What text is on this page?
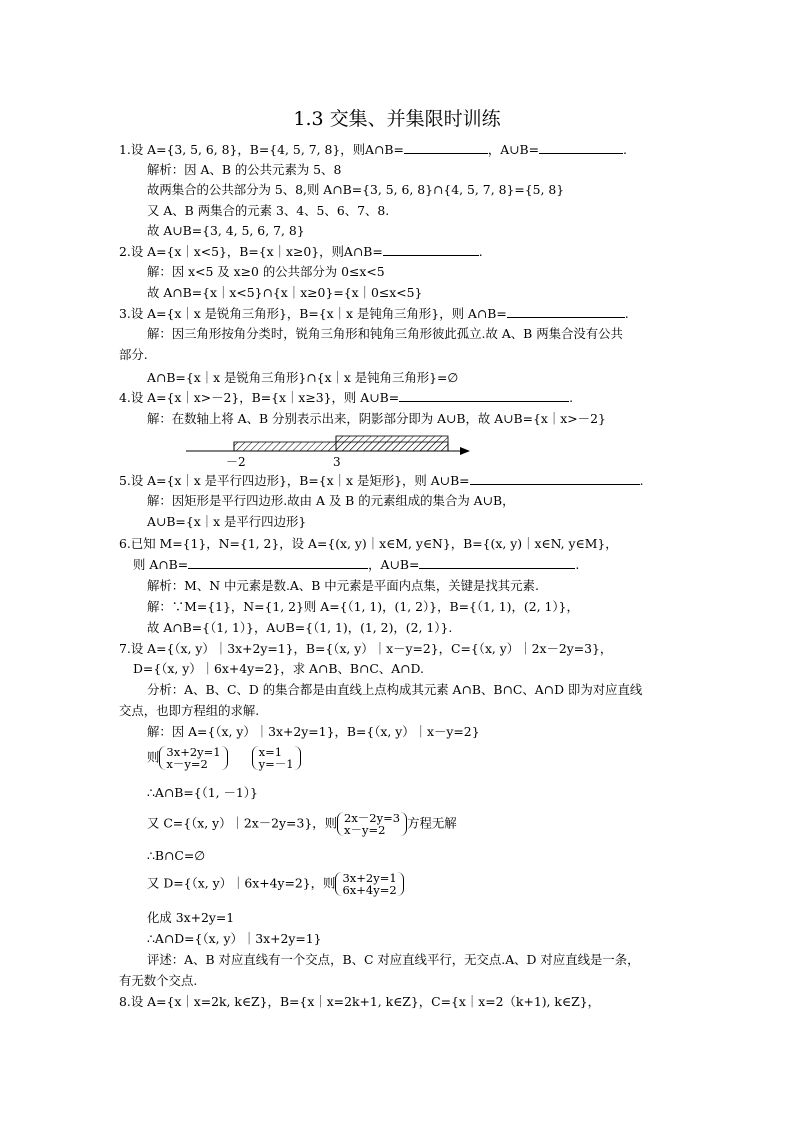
1.3 交集、并集限时训练
1.设 A={3, 5, 6, 8}，B={4, 5, 7, 8}，则A∩B=	，A∪B=	.
解析：因 A、B 的公共元素为 5、8
故两集合的公共部分为 5、8,则 A∩B={3, 5, 6, 8}∩{4, 5, 7, 8}={5, 8}
又 A、B 两集合的元素 3、4、5、6、7、8.
故 A∪B={3, 4, 5, 6, 7, 8}
2.设 A={x｜x<5}，B={x｜x≥0}，则A∩B=	.
解：因 x<5 及 x≥0 的公共部分为 0≤x<5
故 A∩B={x｜x<5}∩{x｜x≥0}={x｜0≤x<5}
3.设 A={x｜x 是锐角三角形}，B={x｜x 是钝角三角形}，则 A∩B=	.
解：因三角形按角分类时，锐角三角形和钝角三角形彼此孤立.故 A、B 两集合没有公共
部分.
A∩B={x｜x 是锐角三角形}∩{x｜x 是钝角三角形}=∅
4.设 A={x｜x>－2}，B={x｜x≥3}，则 A∪B=	.
解：在数轴上将 A、B 分别表示出来，阴影部分即为 A∪B，故 A∪B={x｜x>－2}
－2	3
5.设 A={x｜x 是平行四边形}，B={x｜x 是矩形}，则 A∪B=	.
解：因矩形是平行四边形.故由 A 及 B 的元素组成的集合为 A∪B，
A∪B={x｜x 是平行四边形}
6.已知 M={1}，N={1, 2}，设 A={(x, y)｜x∈M, y∈N}，B={(x, y)｜x∈N, y∈M}，
则 A∩B=	，A∪B=	.
解析：M、N 中元素是数.A、B 中元素是平面内点集，关键是找其元素.
解：∵M={1}，N={1, 2}则 A={（1, 1)，(1, 2）}，B={（1, 1)，(2, 1）}，
故 A∩B={（1, 1）}，A∪B={（1, 1)，(1, 2)，(2, 1）}.
7.设 A={（x, y）｜3x+2y=1}，B={（x, y）｜x－y=2}，C={（x, y）｜2x－2y=3}，
D={（x, y）｜6x+4y=2}，求 A∩B、B∩C、A∩D.
分析：A、B、C、D 的集合都是由直线上点构成其元素 A∩B、B∩C、A∩D 即为对应直线
交点，也即方程组的求解.
解：因 A={（x, y）｜3x+2y=1}，B={（x, y）｜x－y=2}
则 3x+2y=1
x－y=2
x=1
y=－1
∴A∩B={（1, －1）}
又 C={（x, y）｜2x－2y=3}，则 2x－2y=3
x－y=2	方程无解
∴B∩C=∅
又 D={（x, y）｜6x+4y=2}，则 3x+2y=1
6x+4y=2
化成 3x+2y=1
∴A∩D={（x, y）｜3x+2y=1}
评述：A、B 对应直线有一个交点，B、C 对应直线平行，无交点.A、D 对应直线是一条，
有无数个交点.
8.设 A={x｜x=2k, k∈Z}，B={x｜x=2k+1, k∈Z}，C={x｜x=2（k+1), k∈Z}，
